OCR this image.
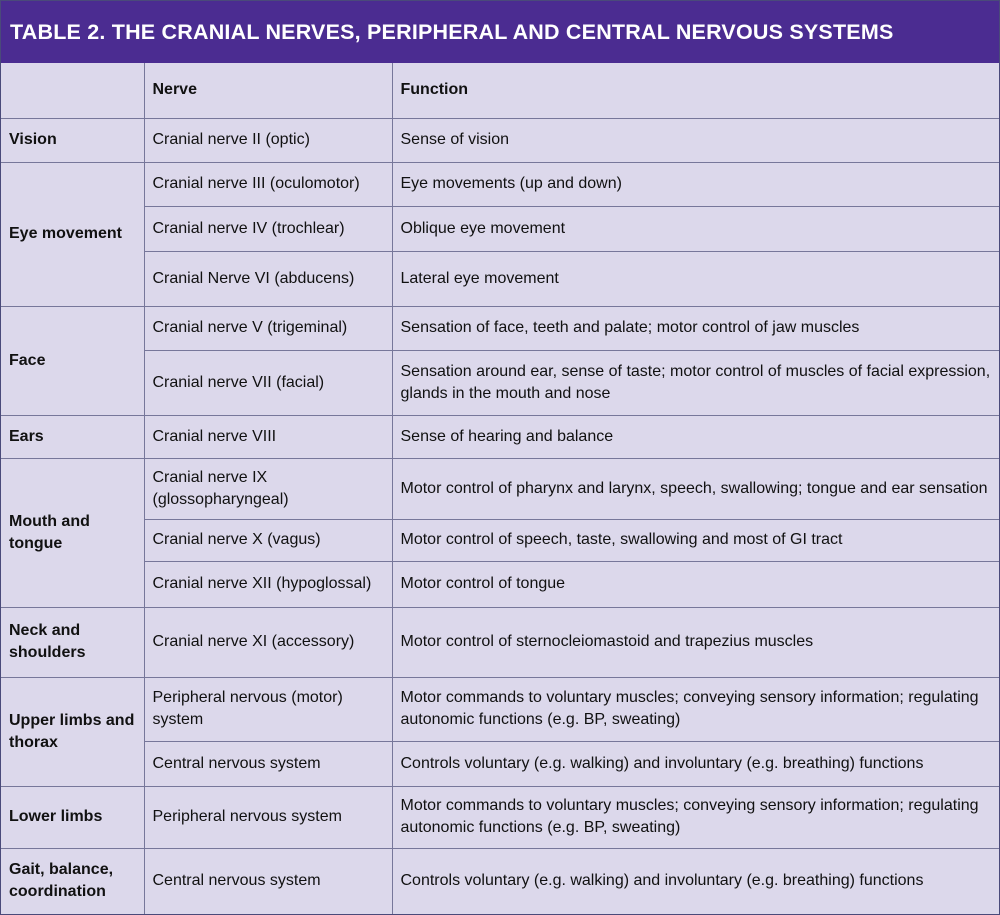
TABLE 2. THE CRANIAL NERVES, PERIPHERAL AND CENTRAL NERVOUS SYSTEMS
	Nerve	Function
Vision	Cranial nerve II (optic)	Sense of vision
Eye movement	Cranial nerve III (oculomotor)	Eye movements (up and down)
	Cranial nerve IV (trochlear)	Oblique eye movement
	Cranial Nerve VI (abducens)	Lateral eye movement
Face	Cranial nerve V (trigeminal)	Sensation of face, teeth and palate; motor control of jaw muscles
	Cranial nerve VII (facial)	Sensation around ear, sense of taste; motor control of muscles of facial expression, glands in the mouth and nose
Ears	Cranial nerve VIII	Sense of hearing and balance
Mouth and tongue	Cranial nerve IX (glossopharyngeal)	Motor control of pharynx and larynx, speech, swallowing; tongue and ear sensation
	Cranial nerve X (vagus)	Motor control of speech, taste, swallowing and most of GI tract
	Cranial nerve XII (hypoglossal)	Motor control of tongue
Neck and shoulders	Cranial nerve XI (accessory)	Motor control of sternocleiomastoid and trapezius muscles
Upper limbs and thorax	Peripheral nervous (motor) system	Motor commands to voluntary muscles; conveying sensory information; regulating autonomic functions (e.g. BP, sweating)
	Central nervous system	Controls voluntary (e.g. walking) and involuntary (e.g. breathing) functions
Lower limbs	Peripheral nervous system	Motor commands to voluntary muscles; conveying sensory information; regulating autonomic functions (e.g. BP, sweating)
Gait, balance, coordination	Central nervous system	Controls voluntary (e.g. walking) and involuntary (e.g. breathing) functions
